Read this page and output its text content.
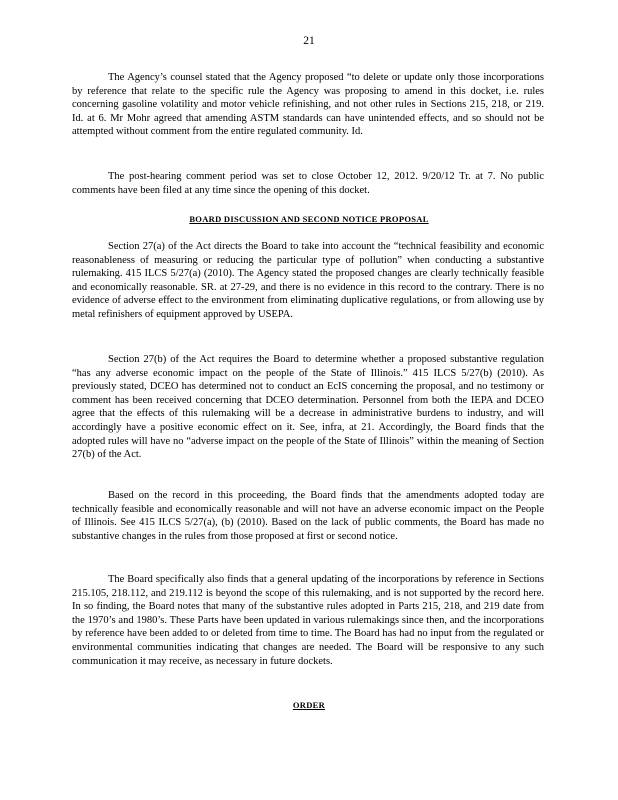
21

The Agency’s counsel stated that the Agency proposed “to delete or update only those incorporations by reference that relate to the specific rule the Agency was proposing to amend in this docket, i.e. rules concerning gasoline volatility and motor vehicle refinishing, and not other rules in Sections 215, 218, or 219. Id. at 6. Mr Mohr agreed that amending ASTM standards can have unintended effects, and so should not be attempted without comment from the entire regulated community. Id.

The post-hearing comment period was set to close October 12, 2012. 9/20/12 Tr. at 7. No public comments have been filed at any time since the opening of this docket.

BOARD DISCUSSION AND SECOND NOTICE PROPOSAL

Section 27(a) of the Act directs the Board to take into account the “technical feasibility and economic reasonableness of measuring or reducing the particular type of pollution” when conducting a substantive rulemaking. 415 ILCS 5/27(a) (2010). The Agency stated the proposed changes are clearly technically feasible and economically reasonable. SR. at 27-29, and there is no evidence in this record to the contrary. There is no evidence of adverse effect to the environment from eliminating duplicative regulations, or from allowing use by metal refinishers of equipment approved by USEPA.

Section 27(b) of the Act requires the Board to determine whether a proposed substantive regulation “has any adverse economic impact on the people of the State of Illinois.” 415 ILCS 5/27(b) (2010). As previously stated, DCEO has determined not to conduct an EcIS concerning the proposal, and no testimony or comment has been received concerning that DCEO determination. Personnel from both the IEPA and DCEO agree that the effects of this rulemaking will be a decrease in administrative burdens to industry, and will accordingly have a positive economic effect on it. See, infra, at 21. Accordingly, the Board finds that the adopted rules will have no “adverse impact on the people of the State of Illinois” within the meaning of Section 27(b) of the Act.

Based on the record in this proceeding, the Board finds that the amendments adopted today are technically feasible and economically reasonable and will not have an adverse economic impact on the People of Illinois. See 415 ILCS 5/27(a), (b) (2010). Based on the lack of public comments, the Board has made no substantive changes in the rules from those proposed at first or second notice.

The Board specifically also finds that a general updating of the incorporations by reference in Sections 215.105, 218.112, and 219.112 is beyond the scope of this rulemaking, and is not supported by the record here. In so finding, the Board notes that many of the substantive rules adopted in Parts 215, 218, and 219 date from the 1970’s and 1980’s. These Parts have been updated in various rulemakings since then, and the incorporations by reference have been added to or deleted from time to time. The Board has had no input from the regulated or environmental communities indicating that changes are needed. The Board will be responsive to any such communication it may receive, as necessary in future dockets.

ORDER
